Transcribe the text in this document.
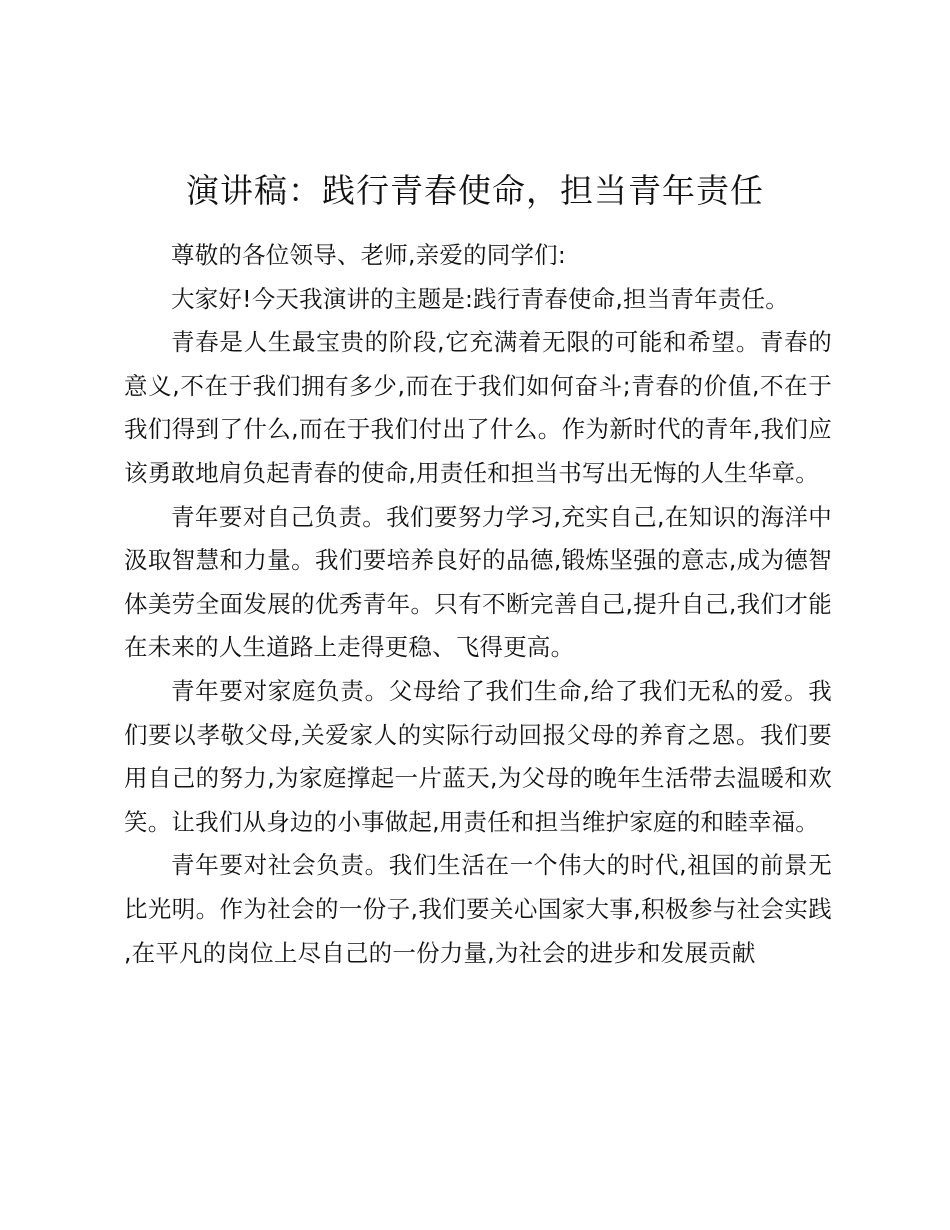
演讲稿：践行青春使命，担当青年责任

尊敬的各位领导、老师,亲爱的同学们:

大家好!今天我演讲的主题是:践行青春使命,担当青年责任。

青春是人生最宝贵的阶段,它充满着无限的可能和希望。青春的意义,不在于我们拥有多少,而在于我们如何奋斗;青春的价值,不在于我们得到了什么,而在于我们付出了什么。作为新时代的青年,我们应该勇敢地肩负起青春的使命,用责任和担当书写出无悔的人生华章。

青年要对自己负责。我们要努力学习,充实自己,在知识的海洋中汲取智慧和力量。我们要培养良好的品德,锻炼坚强的意志,成为德智体美劳全面发展的优秀青年。只有不断完善自己,提升自己,我们才能在未来的人生道路上走得更稳、飞得更高。

青年要对家庭负责。父母给了我们生命,给了我们无私的爱。我们要以孝敬父母,关爱家人的实际行动回报父母的养育之恩。我们要用自己的努力,为家庭撑起一片蓝天,为父母的晚年生活带去温暖和欢笑。让我们从身边的小事做起,用责任和担当维护家庭的和睦幸福。

青年要对社会负责。我们生活在一个伟大的时代,祖国的前景无比光明。作为社会的一份子,我们要关心国家大事,积极参与社会实践,在平凡的岗位上尽自己的一份力量,为社会的进步和发展贡献
